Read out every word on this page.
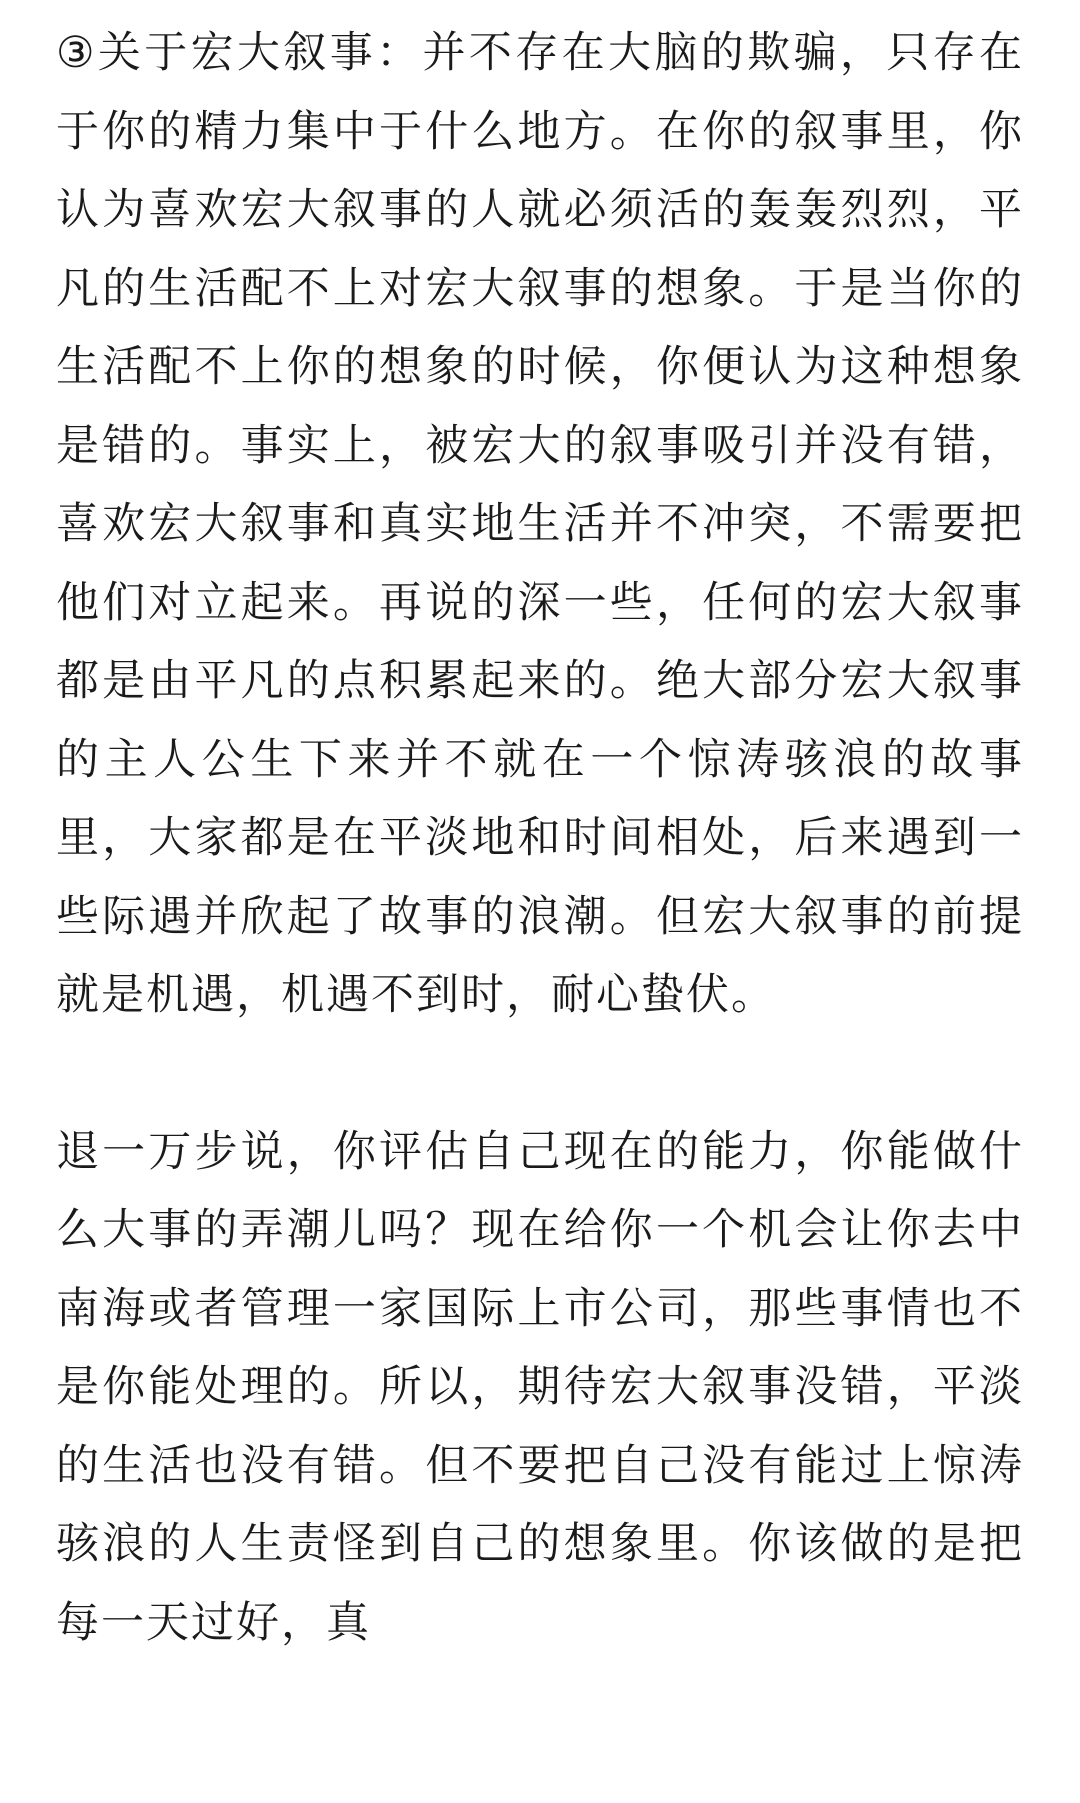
③关于宏大叙事：并不存在大脑的欺骗，只存在于你的精力集中于什么地方。在你的叙事里，你认为喜欢宏大叙事的人就必须活的轰轰烈烈，平凡的生活配不上对宏大叙事的想象。于是当你的生活配不上你的想象的时候，你便认为这种想象是错的。事实上，被宏大的叙事吸引并没有错，喜欢宏大叙事和真实地生活并不冲突，不需要把他们对立起来。再说的深一些，任何的宏大叙事都是由平凡的点积累起来的。绝大部分宏大叙事的主人公生下来并不就在一个惊涛骇浪的故事里，大家都是在平淡地和时间相处，后来遇到一些际遇并欣起了故事的浪潮。但宏大叙事的前提就是机遇，机遇不到时，耐心蛰伏。

退一万步说，你评估自己现在的能力，你能做什么大事的弄潮儿吗？现在给你一个机会让你去中南海或者管理一家国际上市公司，那些事情也不是你能处理的。所以，期待宏大叙事没错，平淡的生活也没有错。但不要把自己没有能过上惊涛骇浪的人生责怪到自己的想象里。你该做的是把每一天过好，真
